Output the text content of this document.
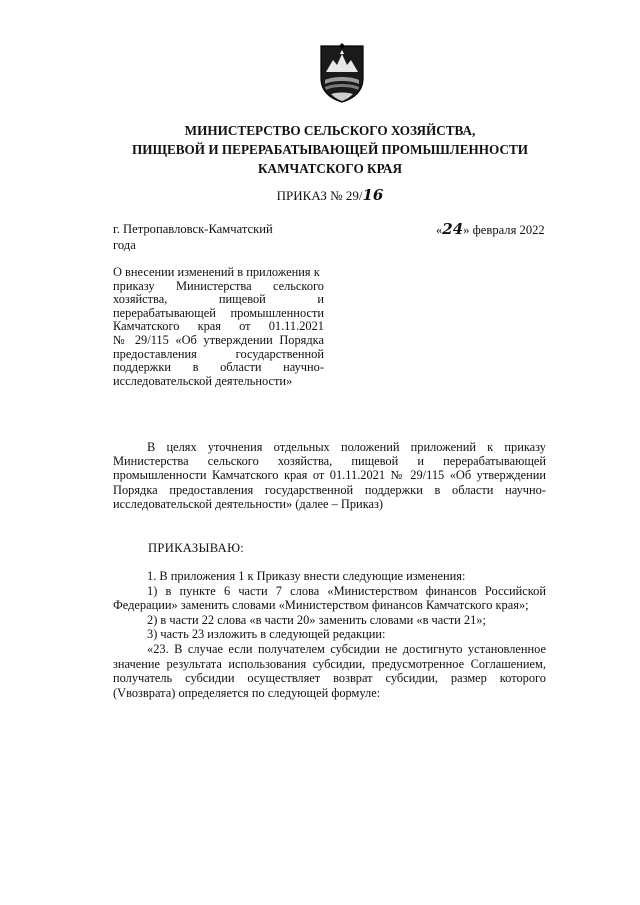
МИНИСТЕРСТВО СЕЛЬСКОГО ХОЗЯЙСТВА,
ПИЩЕВОЙ И ПЕРЕРАБАТЫВАЮЩЕЙ ПРОМЫШЛЕННОСТИ
КАМЧАТСКОГО КРАЯ
ПРИКАЗ № 29/16
г. Петропавловск-Камчатский
года
«24» февраля 2022
О внесении изменений в приложения к
приказу Министерства сельского
хозяйства, пищевой и
перерабатывающей промышленности
Камчатского края от 01.11.2021
№ 29/115 «Об утверждении Порядка
предоставления государственной
поддержки в области научно-
исследовательской деятельности»
В целях уточнения отдельных положений приложений к приказу
Министерства сельского хозяйства, пищевой и перерабатывающей
промышленности Камчатского края от 01.11.2021 № 29/115 «Об утверждении
Порядка предоставления государственной поддержки в области научно-
исследовательской деятельности» (далее – Приказ)
ПРИКАЗЫВАЮ:
1. В приложения 1 к Приказу внести следующие изменения:
1) в пункте 6 части 7 слова «Министерством финансов Российской
Федерации» заменить словами «Министерством финансов Камчатского края»;
2) в части 22 слова «в части 20» заменить словами «в части 21»;
3) часть 23 изложить в следующей редакции:
«23. В случае если получателем субсидии не достигнуто установленное
значение результата использования субсидии, предусмотренное Соглашением,
получатель субсидии осуществляет возврат субсидии, размер которого
(Vвозврата) определяется по следующей формуле:
